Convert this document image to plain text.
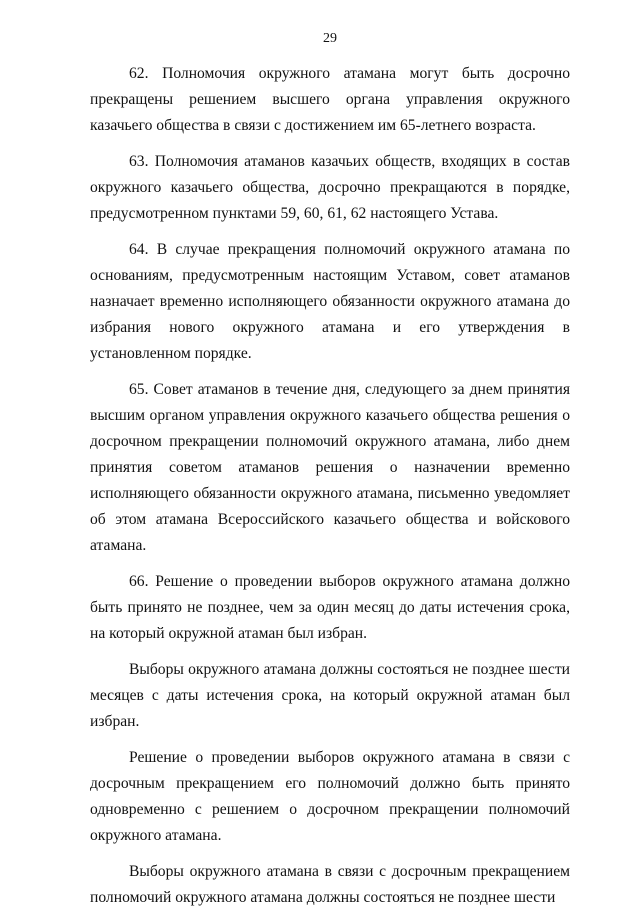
29

62. Полномочия окружного атамана могут быть досрочно прекращены решением высшего органа управления окружного казачьего общества в связи с достижением им 65-летнего возраста.

63. Полномочия атаманов казачьих обществ, входящих в состав окружного казачьего общества, досрочно прекращаются в порядке, предусмотренном пунктами 59, 60, 61, 62 настоящего Устава.

64. В случае прекращения полномочий окружного атамана по основаниям, предусмотренным настоящим Уставом, совет атаманов назначает временно исполняющего обязанности окружного атамана до избрания нового окружного атамана и его утверждения в установленном порядке.

65. Совет атаманов в течение дня, следующего за днем принятия высшим органом управления окружного казачьего общества решения о досрочном прекращении полномочий окружного атамана, либо днем принятия советом атаманов решения о назначении временно исполняющего обязанности окружного атамана, письменно уведомляет об этом атамана Всероссийского казачьего общества и войскового атамана.

66. Решение о проведении выборов окружного атамана должно быть принято не позднее, чем за один месяц до даты истечения срока, на который окружной атаман был избран.

Выборы окружного атамана должны состояться не позднее шести месяцев с даты истечения срока, на который окружной атаман был избран.

Решение о проведении выборов окружного атамана в связи с досрочным прекращением его полномочий должно быть принято одновременно с решением о досрочном прекращении полномочий окружного атамана.

Выборы окружного атамана в связи с досрочным прекращением полномочий окружного атамана должны состояться не позднее шести
